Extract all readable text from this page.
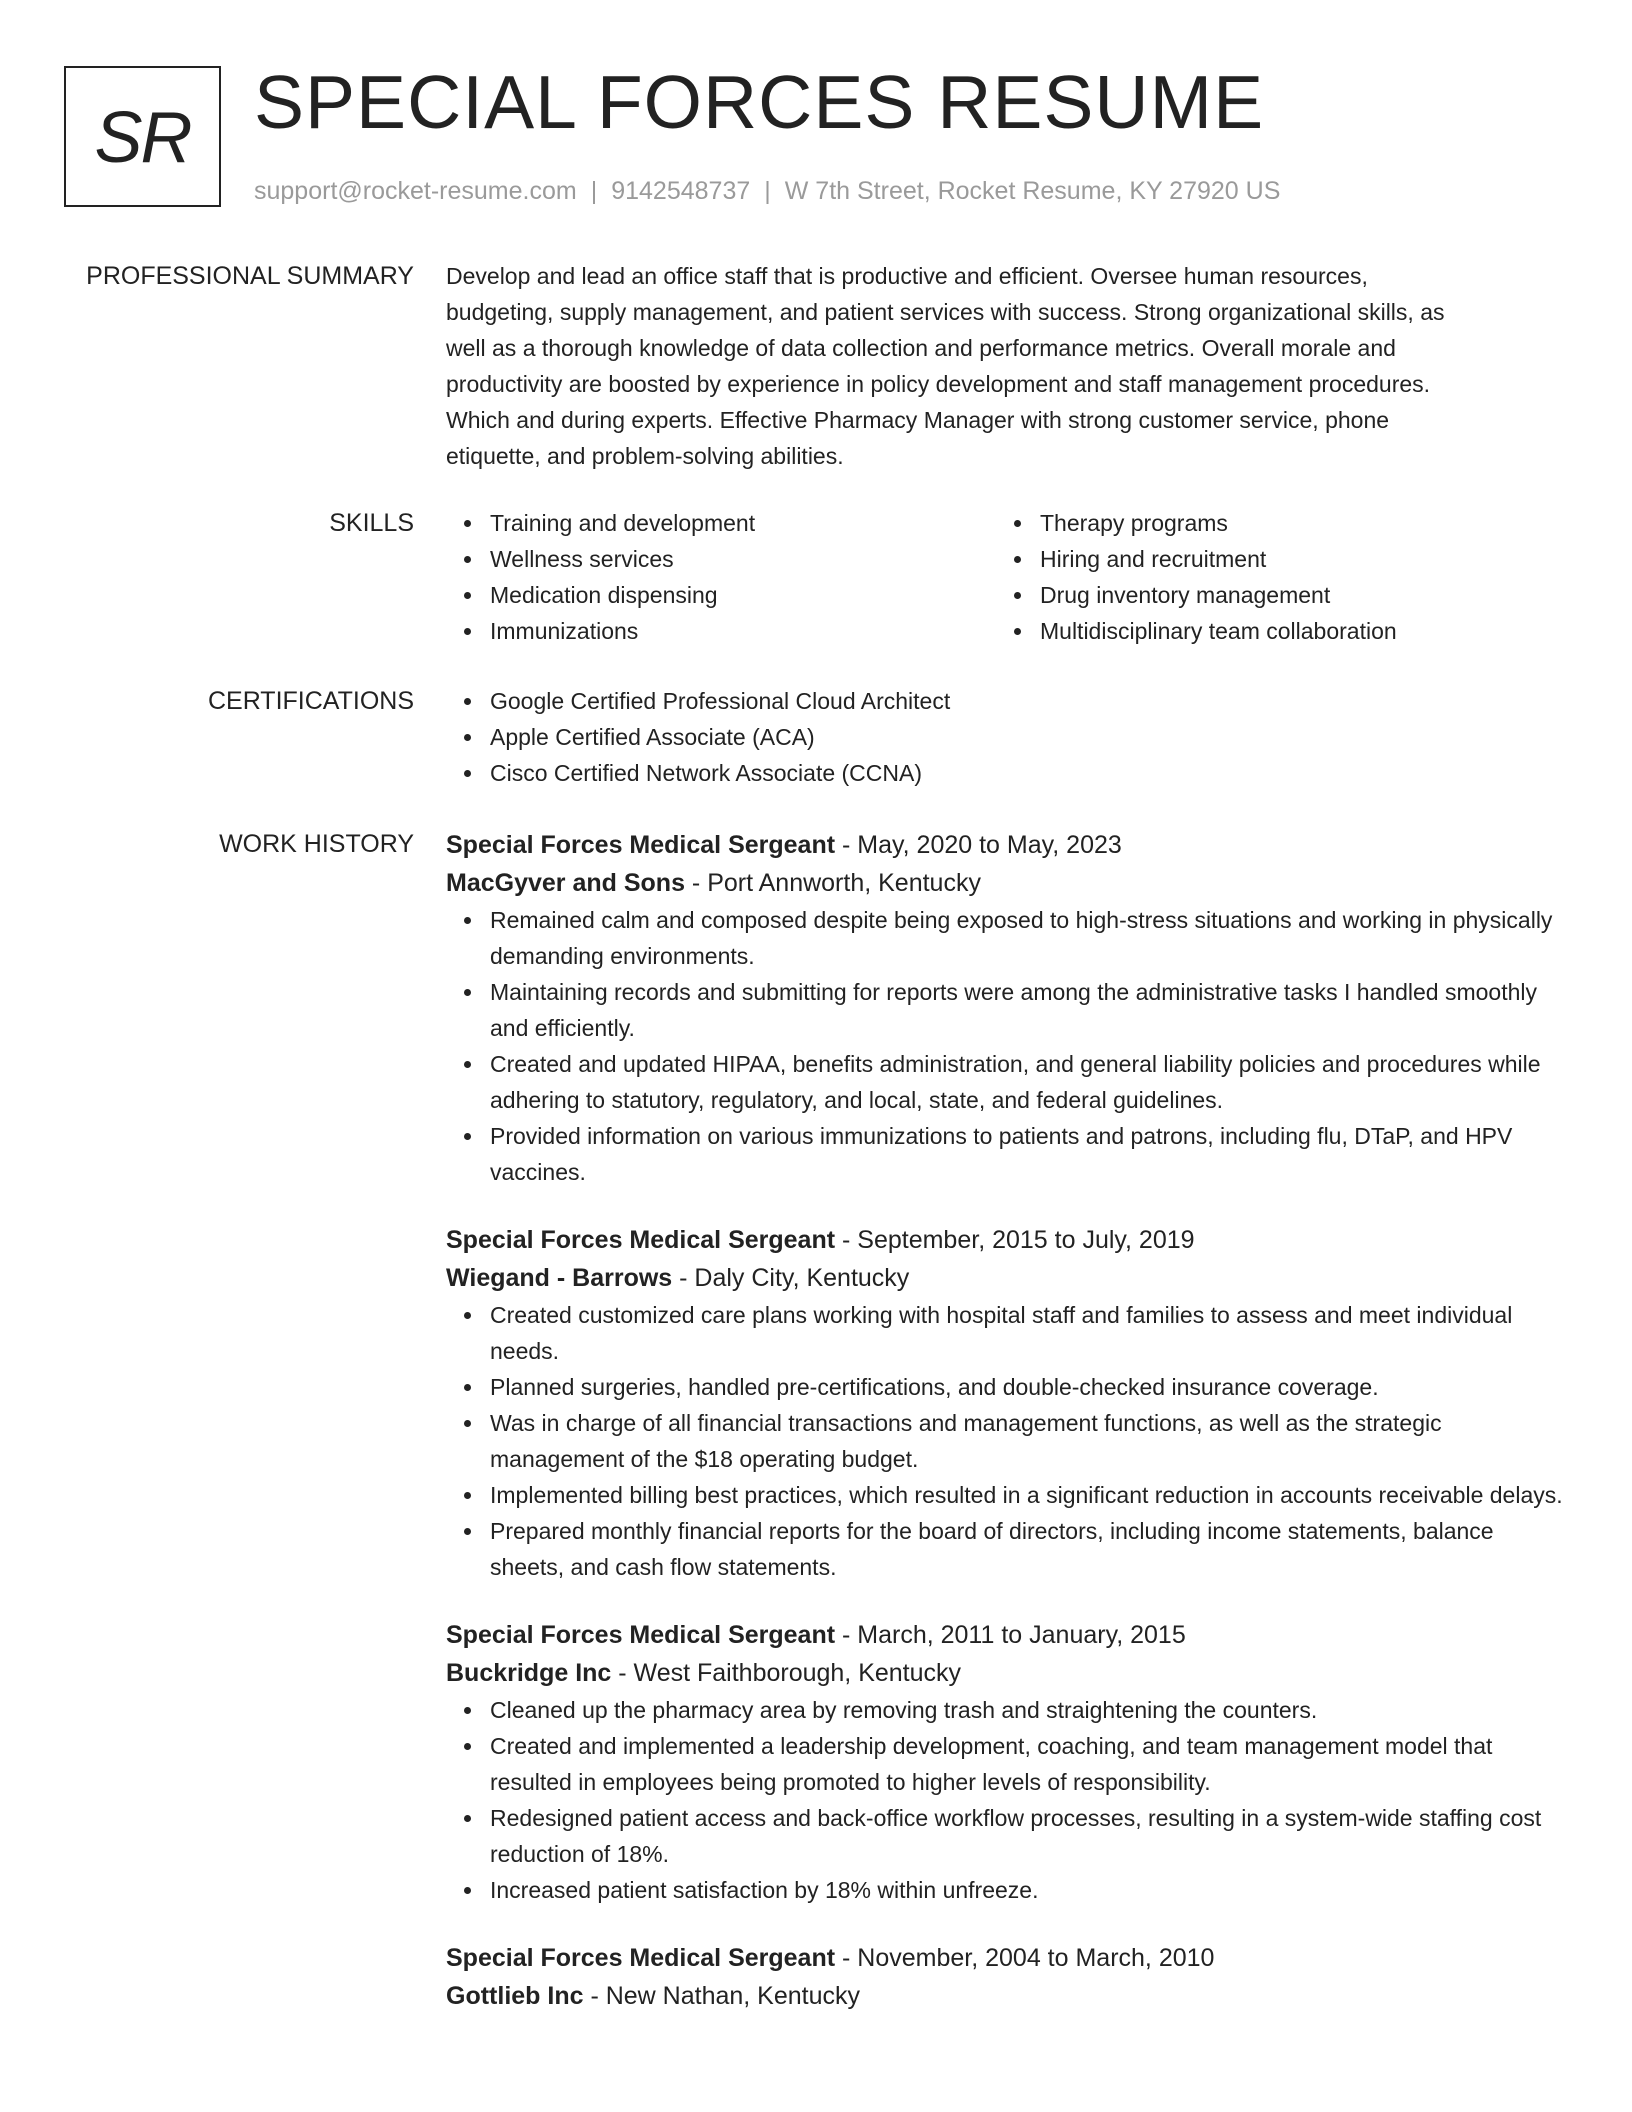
SR SPECIAL FORCES RESUME
support@rocket-resume.com | 9142548737 | W 7th Street, Rocket Resume, KY 27920 US
PROFESSIONAL SUMMARY Develop and lead an office staff that is productive and efficient. Oversee human resources,
budgeting, supply management, and patient services with success. Strong organizational skills, as
well as a thorough knowledge of data collection and performance metrics. Overall morale and
productivity are boosted by experience in policy development and staff management procedures.
Which and during experts. Effective Pharmacy Manager with strong customer service, phone
etiquette, and problem-solving abilities.
SKILLS	Training and development
Wellness services
Medication dispensing
Immunizations
Therapy programs
Hiring and recruitment
Drug inventory management
Multidisciplinary team collaboration
CERTIFICATIONS	Google Certified Professional Cloud Architect
Apple Certified Associate (ACA)
Cisco Certified Network Associate (CCNA)
WORK HISTORY Special Forces Medical Sergeant - May, 2020 to May, 2023
MacGyver and Sons - Port Annworth, Kentucky
Remained calm and composed despite being exposed to high-stress situations and working in physically demanding environments.
Maintaining records and submitting for reports were among the administrative tasks I handled smoothly and efficiently.
Created and updated HIPAA, benefits administration, and general liability policies and procedures while adhering to statutory, regulatory, and local, state, and federal guidelines.
Provided information on various immunizations to patients and patrons, including flu, DTaP, and HPV vaccines.
Special Forces Medical Sergeant - September, 2015 to July, 2019
Wiegand - Barrows - Daly City, Kentucky
Created customized care plans working with hospital staff and families to assess and meet individual needs.
Planned surgeries, handled pre-certifications, and double-checked insurance coverage.
Was in charge of all financial transactions and management functions, as well as the strategic management of the $18 operating budget.
Implemented billing best practices, which resulted in a significant reduction in accounts receivable delays.
Prepared monthly financial reports for the board of directors, including income statements, balance sheets, and cash flow statements.
Special Forces Medical Sergeant - March, 2011 to January, 2015
Buckridge Inc - West Faithborough, Kentucky
Cleaned up the pharmacy area by removing trash and straightening the counters.
Created and implemented a leadership development, coaching, and team management model that resulted in employees being promoted to higher levels of responsibility.
Redesigned patient access and back-office workflow processes, resulting in a system-wide staffing cost reduction of 18%.
Increased patient satisfaction by 18% within unfreeze.
Special Forces Medical Sergeant - November, 2004 to March, 2010
Gottlieb Inc - New Nathan, Kentucky
